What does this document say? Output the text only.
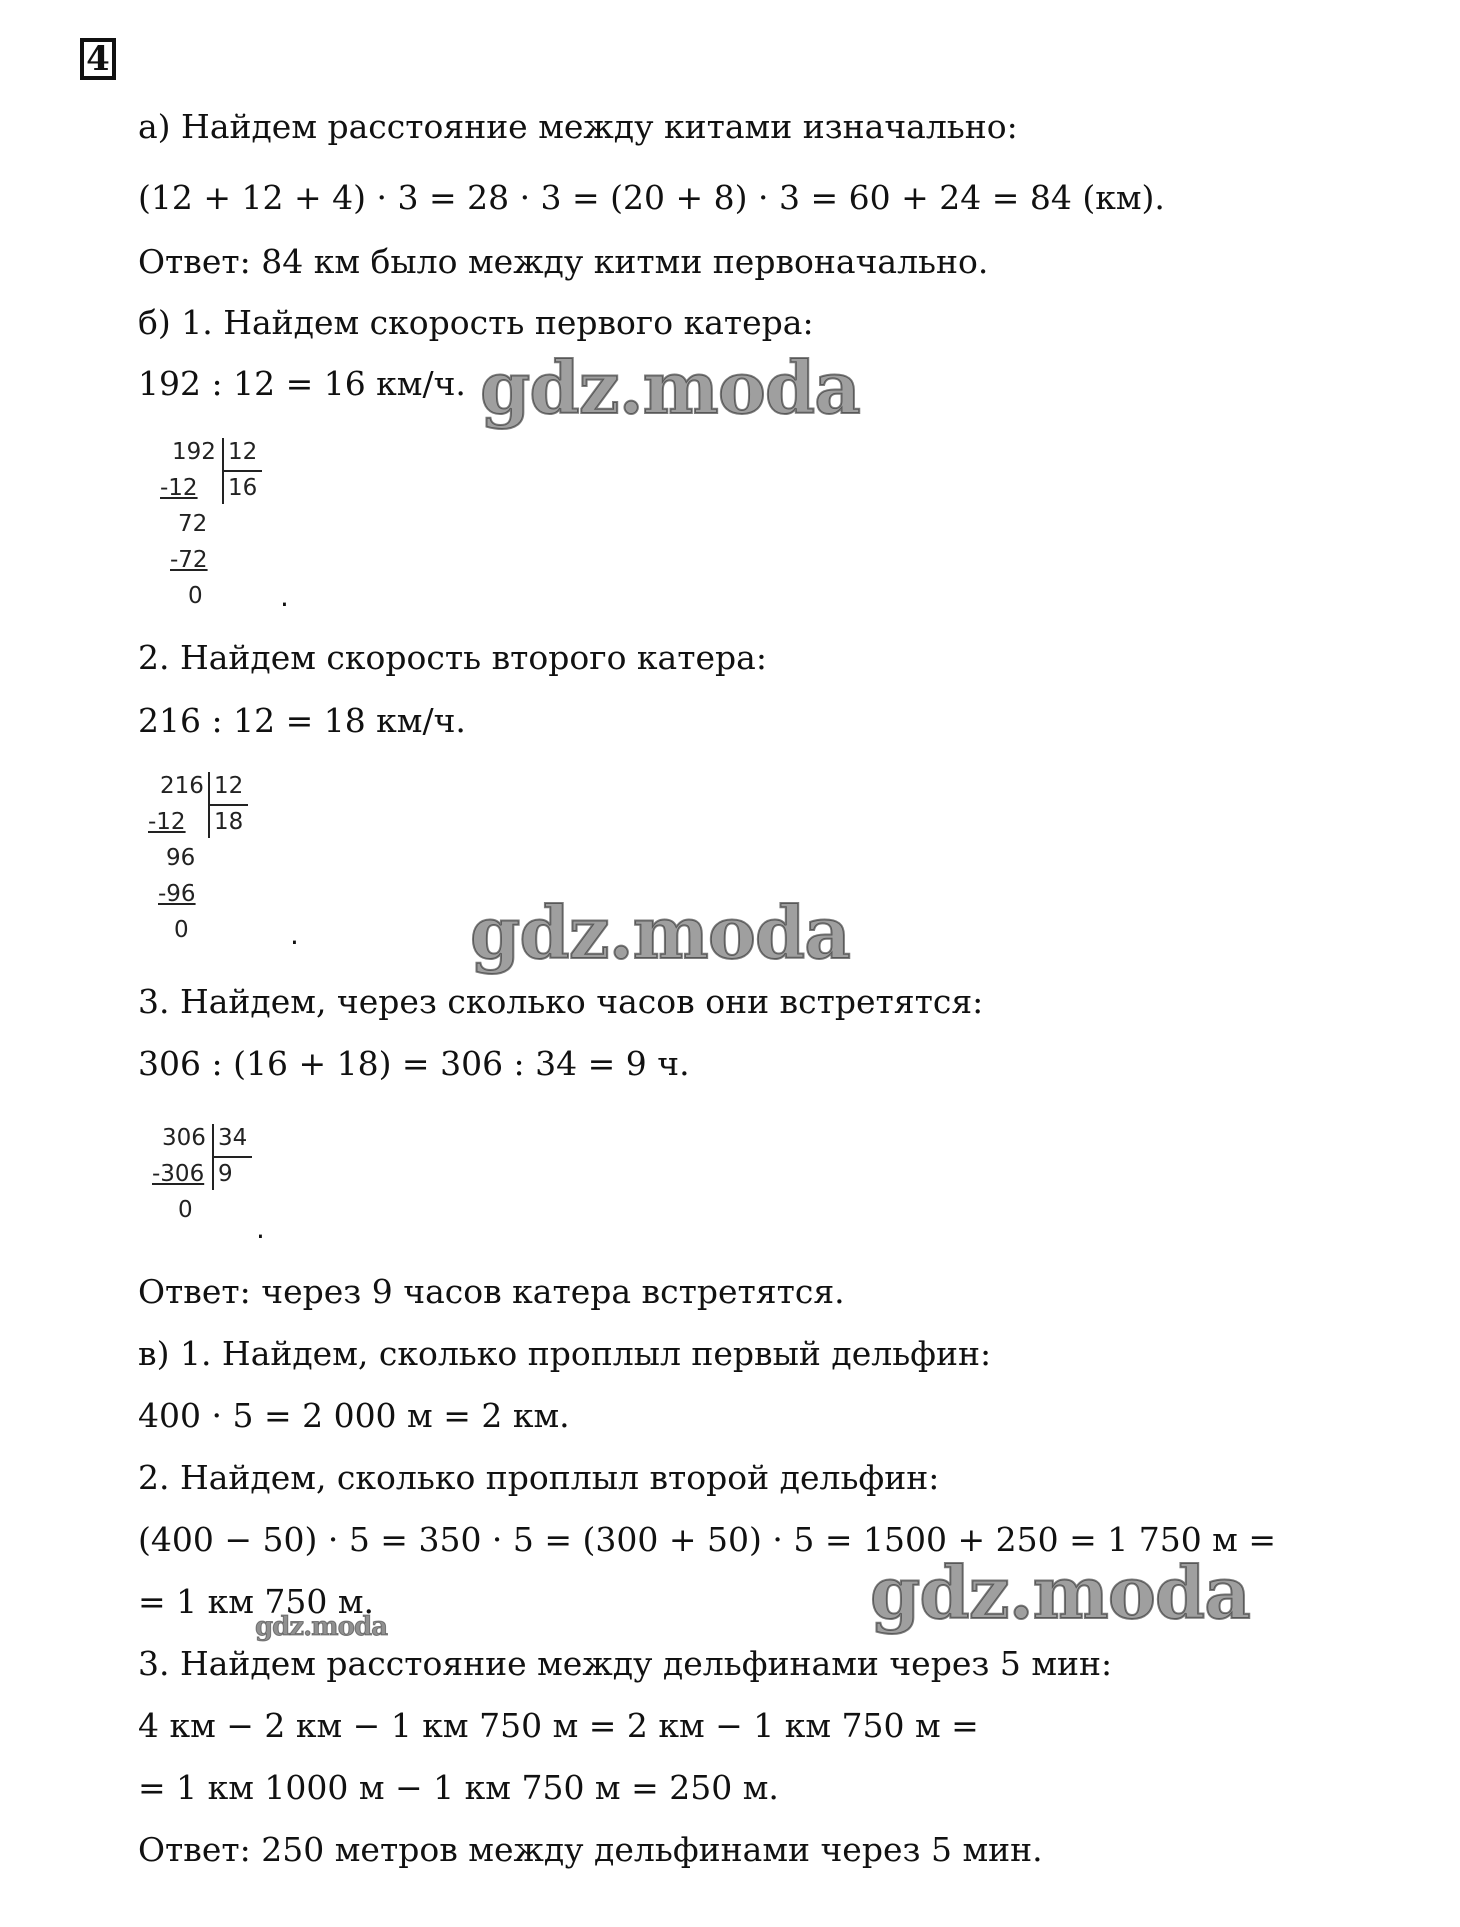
4
а) Найдем расстояние между китами изначально:
(12 + 12 + 4) · 3 = 28 · 3 = (20 + 8) · 3 = 60 + 24 = 84 (км).
Ответ: 84 км было между китми первоначально.
б) 1. Найдем скорость первого катера:
192 : 12 = 16 км/ч.
192 12
16
-12
72
-72
0	.
2. Найдем скорость второго катера:
216 : 12 = 18 км/ч.
216 12
18
-12
96
-96
0	.
3. Найдем, через сколько часов они встретятся:
306 : (16 + 18) = 306 : 34 = 9 ч.
306 34
9
-306
0
.
Ответ: через 9 часов катера встретятся.
в) 1. Найдем, сколько проплыл первый дельфин:
400 · 5 = 2 000 м = 2 км.
2. Найдем, сколько проплыл второй дельфин:
(400 − 50) · 5 = 350 · 5 = (300 + 50) · 5 = 1500 + 250 = 1 750 м =
= 1 км 750 м.
3. Найдем расстояние между дельфинами через 5 мин:
4 км − 2 км − 1 км 750 м = 2 км − 1 км 750 м =
= 1 км 1000 м − 1 км 750 м = 250 м.
Ответ: 250 метров между дельфинами через 5 мин.
gdz.moda
gdz.moda
gdz.moda
gdz.moda
